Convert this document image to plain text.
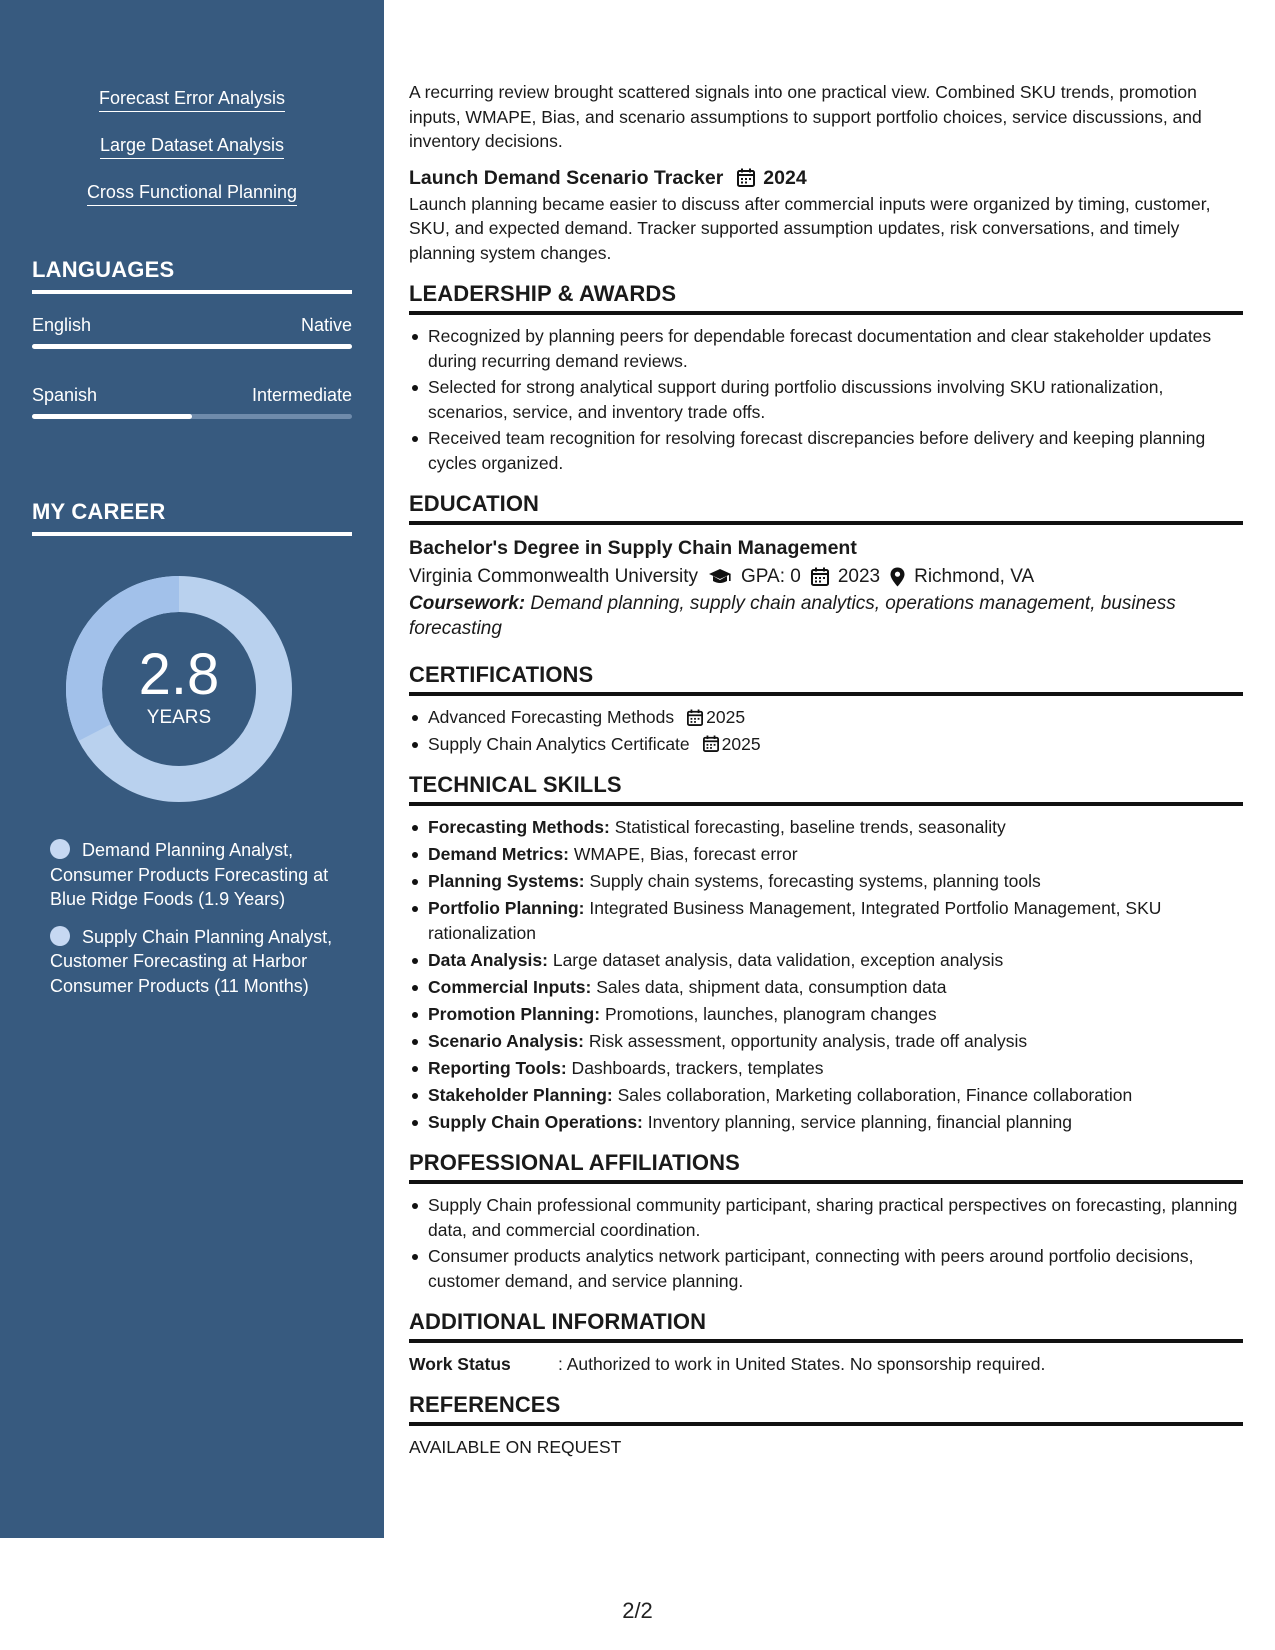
Forecast Error Analysis
Large Dataset Analysis
Cross Functional Planning
LANGUAGES
English	Native
Spanish	Intermediate
MY CAREER
2.8
YEARS
Demand Planning Analyst, Consumer Products Forecasting at Blue Ridge Foods (1.9 Years)
Supply Chain Planning Analyst, Customer Forecasting at Harbor Consumer Products (11 Months)

A recurring review brought scattered signals into one practical view. Combined SKU trends, promotion inputs, WMAPE, Bias, and scenario assumptions to support portfolio choices, service discussions, and inventory decisions.

Launch Demand Scenario Tracker 2024

Launch planning became easier to discuss after commercial inputs were organized by timing, customer, SKU, and expected demand. Tracker supported assumption updates, risk conversations, and timely planning system changes.

LEADERSHIP & AWARDS
Recognized by planning peers for dependable forecast documentation and clear stakeholder updates during recurring demand reviews.
Selected for strong analytical support during portfolio discussions involving SKU rationalization, scenarios, service, and inventory trade offs.
Received team recognition for resolving forecast discrepancies before delivery and keeping planning cycles organized.
EDUCATION
Bachelor's Degree in Supply Chain Management
Virginia Commonwealth University GPA: 0 2023 Richmond, VA
Coursework: Demand planning, supply chain analytics, operations management, business forecasting
CERTIFICATIONS
Advanced Forecasting Methods 2025
Supply Chain Analytics Certificate 2025
TECHNICAL SKILLS
Forecasting Methods: Statistical forecasting, baseline trends, seasonality
Demand Metrics: WMAPE, Bias, forecast error
Planning Systems: Supply chain systems, forecasting systems, planning tools
Portfolio Planning: Integrated Business Management, Integrated Portfolio Management, SKU rationalization
Data Analysis: Large dataset analysis, data validation, exception analysis
Commercial Inputs: Sales data, shipment data, consumption data
Promotion Planning: Promotions, launches, planogram changes
Scenario Analysis: Risk assessment, opportunity analysis, trade off analysis
Reporting Tools: Dashboards, trackers, templates
Stakeholder Planning: Sales collaboration, Marketing collaboration, Finance collaboration
Supply Chain Operations: Inventory planning, service planning, financial planning
PROFESSIONAL AFFILIATIONS
Supply Chain professional community participant, sharing practical perspectives on forecasting, planning data, and commercial coordination.
Consumer products analytics network participant, connecting with peers around portfolio decisions, customer demand, and service planning.
ADDITIONAL INFORMATION
Work Status	: Authorized to work in United States. No sponsorship required.
REFERENCES
AVAILABLE ON REQUEST
2/2
